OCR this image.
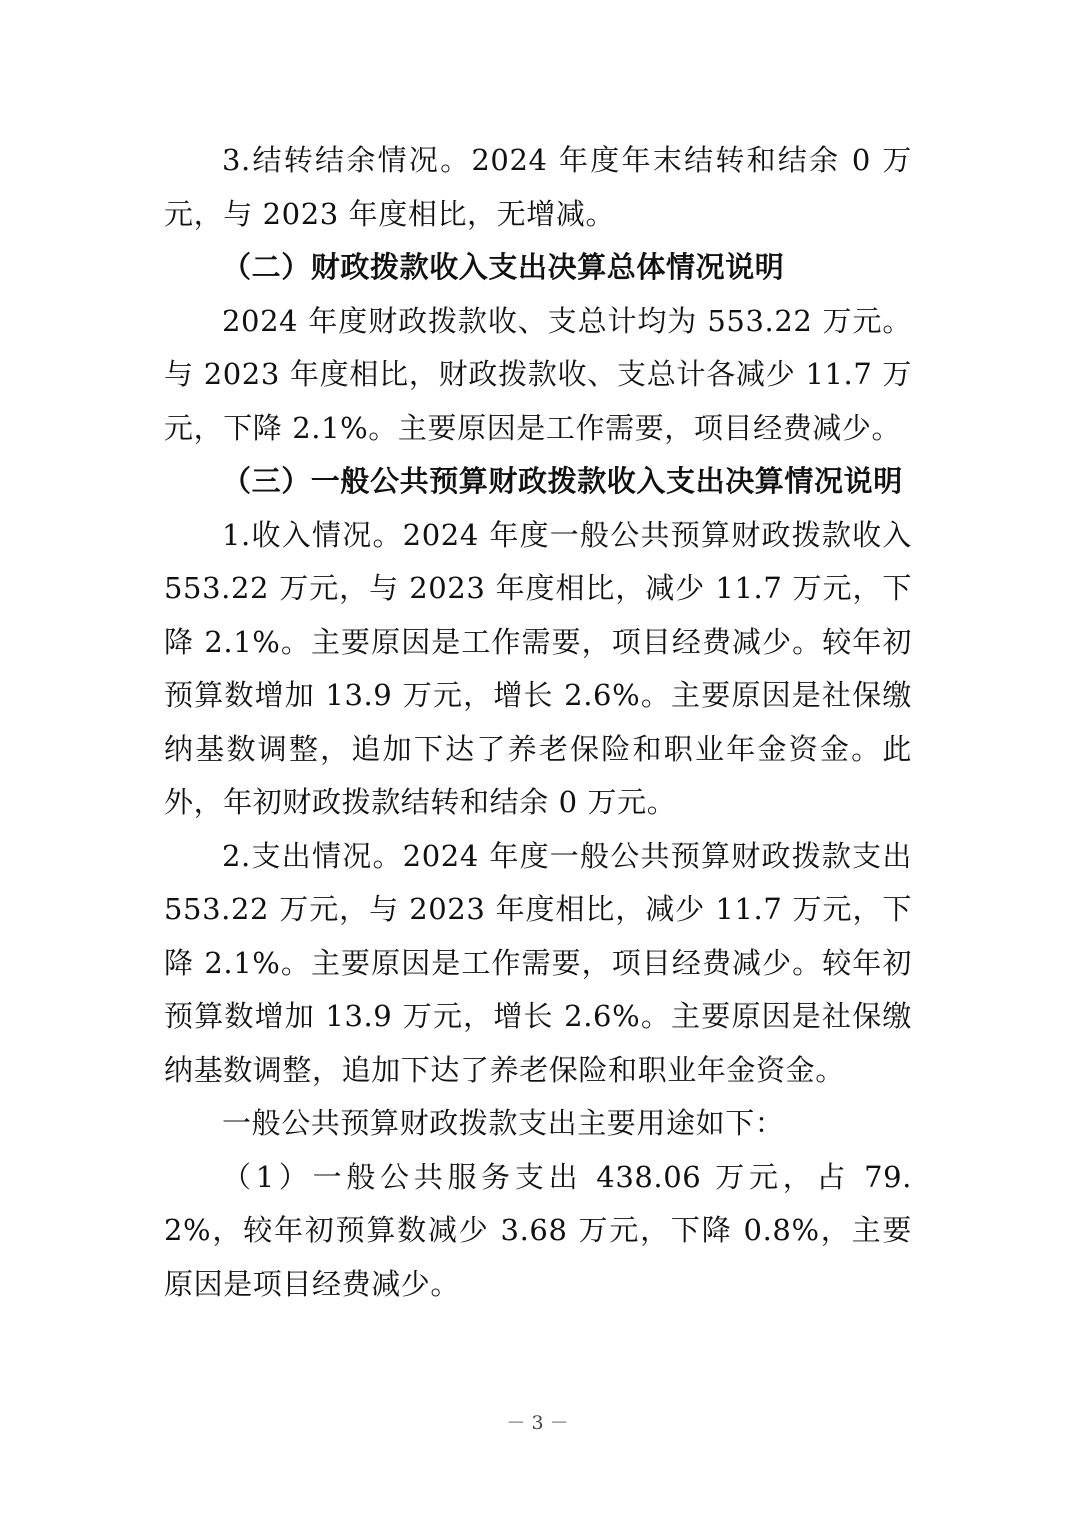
3.结转结余情况。2024 年度年末结转和结余 0 万元，与 2023 年度相比，无增减。

（二）财政拨款收入支出决算总体情况说明

2024 年度财政拨款收、支总计均为 553.22 万元。与 2023 年度相比，财政拨款收、支总计各减少 11.7 万元，下降 2.1%。主要原因是工作需要，项目经费减少。

（三）一般公共预算财政拨款收入支出决算情况说明

1.收入情况。2024 年度一般公共预算财政拨款收入 553.22 万元，与 2023 年度相比，减少 11.7 万元，下降 2.1%。主要原因是工作需要，项目经费减少。较年初预算数增加 13.9 万元，增长 2.6%。主要原因是社保缴纳基数调整，追加下达了养老保险和职业年金资金。此外，年初财政拨款结转和结余 0 万元。

2.支出情况。2024 年度一般公共预算财政拨款支出 553.22 万元，与 2023 年度相比，减少 11.7 万元，下降 2.1%。主要原因是工作需要，项目经费减少。较年初预算数增加 13.9 万元，增长 2.6%。主要原因是社保缴纳基数调整，追加下达了养老保险和职业年金资金。

一般公共预算财政拨款支出主要用途如下：

（1）一般公共服务支出 438.06 万元，占 79.2%，较年初预算数减少 3.68 万元，下降 0.8%，主要原因是项目经费减少。

－ 3 －
